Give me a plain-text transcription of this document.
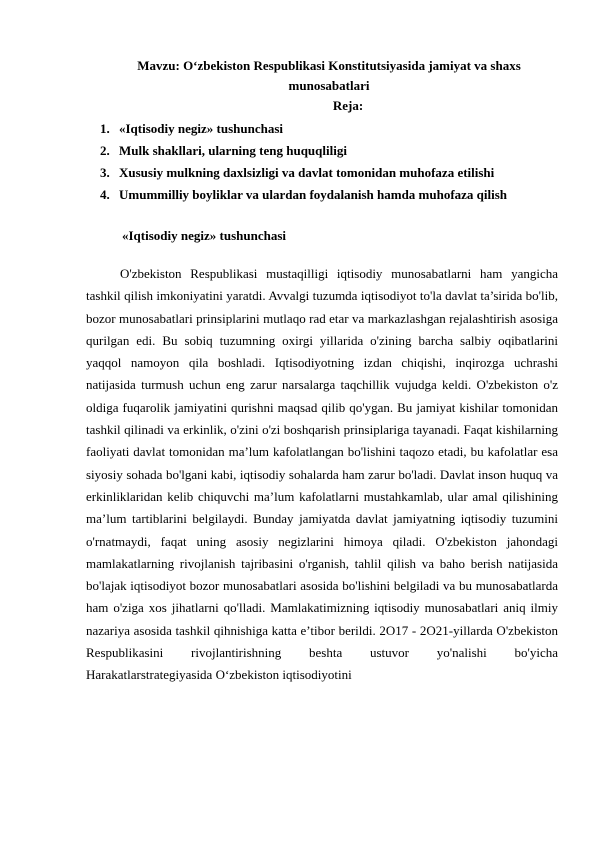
Mavzu: O‘zbekiston Respublikasi Konstitutsiyasida jamiyat va shaxs munosabatlari

Reja:

1. «Iqtisodiy negiz» tushunchasi
2. Mulk shakllari, ularning teng huquqliligi
3. Xususiy mulkning daxlsizligi va davlat tomonidan muhofaza etilishi
4. Umummilliy boyliklar va ulardan foydalanish hamda muhofaza qilish

«Iqtisodiy negiz» tushunchasi

O'zbekiston Respublikasi mustaqilligi iqtisodiy munosabatlarni ham yangicha tashkil qilish imkoniyatini yaratdi. Avvalgi tuzumda iqtisodiyot to'la davlat ta’sirida bo'lib, bozor munosabatlari prinsiplarini mutlaqo rad etar va markazlashgan rejalashtirish asosiga qurilgan edi. Bu sobiq tuzumning oxirgi yillarida o'zining barcha salbiy oqibatlarini yaqqol namoyon qila boshladi. Iqtisodiyotning izdan chiqishi, inqirozga uchrashi natijasida turmush uchun eng zarur narsalarga taqchillik vujudga keldi. O'zbekiston o'z oldiga fuqarolik jamiyatini qurishni maqsad qilib qo'ygan. Bu jamiyat kishilar tomonidan tashkil qilinadi va erkinlik, o'zini o'zi boshqarish prinsiplariga tayanadi. Faqat kishilarning faoliyati davlat tomonidan ma’lum kafolatlangan bo'lishini taqozo etadi, bu kafolatlar esa siyosiy sohada bo'lgani kabi, iqtisodiy sohalarda ham zarur bo'ladi. Davlat inson huquq va erkinliklaridan kelib chiquvchi ma’lum kafolatlarni mustahkamlab, ular amal qilishining ma’lum tartiblarini belgilaydi. Bunday jamiyatda davlat jamiyatning iqtisodiy tuzumini o'rnatmaydi, faqat uning asosiy negizlarini himoya qiladi. O'zbekiston jahondagi mamlakatlarning rivojlanish tajribasini o'rganish, tahlil qilish va baho berish natijasida bo'lajak iqtisodiyot bozor munosabatlari asosida bo'lishini belgiladi va bu munosabatlarda ham o'ziga xos jihatlarni qo'lladi. Mamlakatimizning iqtisodiy munosabatlari aniq ilmiy nazariya asosida tashkil qihnishiga katta e’tibor berildi. 2O17 - 2O21-yillarda O'zbekiston Respublikasini rivojlantirishning beshta ustuvor yo'nalishi bo'yicha Harakatlarstrategiyasida O‘zbekiston iqtisodiyotini
